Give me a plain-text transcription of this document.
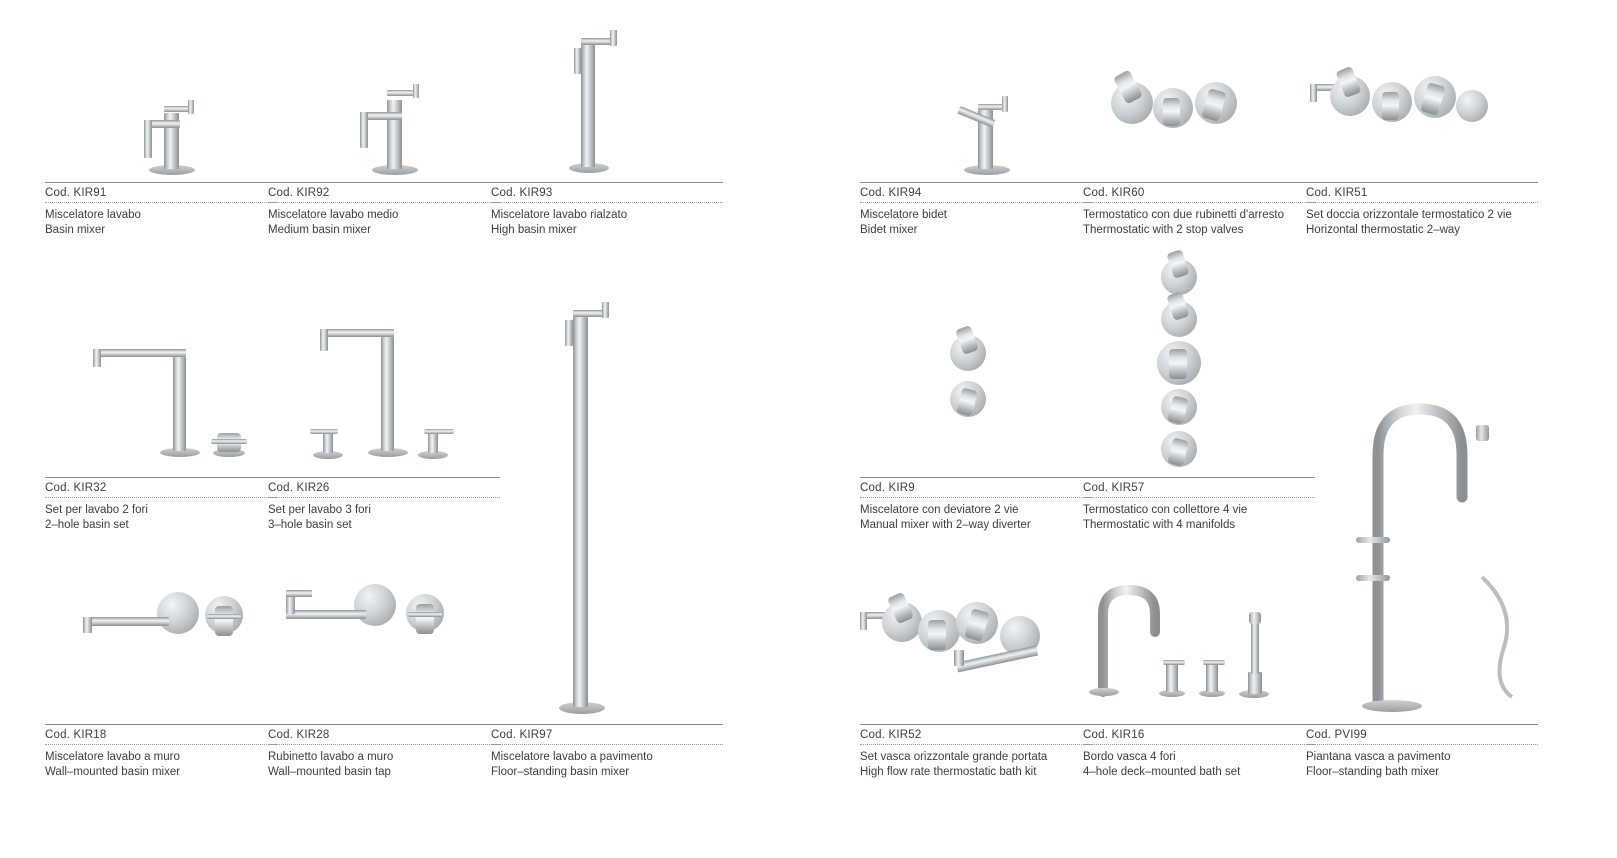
Cod. KIR91
Miscelatore lavabo
Basin mixer
Cod. KIR92
Miscelatore lavabo medio
Medium basin mixer
Cod. KIR93
Miscelatore lavabo rialzato
High basin mixer
Cod. KIR32
Set per lavabo 2 fori
2–hole basin set
Cod. KIR26
Set per lavabo 3 fori
3–hole basin set
Cod. KIR18
Miscelatore lavabo a muro
Wall–mounted basin mixer
Cod. KIR28
Rubinetto lavabo a muro
Wall–mounted basin tap
Cod. KIR97
Miscelatore lavabo a pavimento
Floor–standing basin mixer
Cod. KIR94
Miscelatore bidet
Bidet mixer
Cod. KIR60
Termostatico con due rubinetti d'arresto
Thermostatic with 2 stop valves
Cod. KIR51
Set doccia orizzontale termostatico 2 vie
Horizontal thermostatic 2–way
Cod. KIR9
Miscelatore con deviatore 2 vie
Manual mixer with 2–way diverter
Cod. KIR57
Termostatico con collettore 4 vie
Thermostatic with 4 manifolds
Cod. KIR52
Set vasca orizzontale grande portata
High flow rate thermostatic bath kit
Cod. KIR16
Bordo vasca 4 fori
4–hole deck–mounted bath set
Cod. PVI99
Piantana vasca a pavimento
Floor–standing bath mixer
